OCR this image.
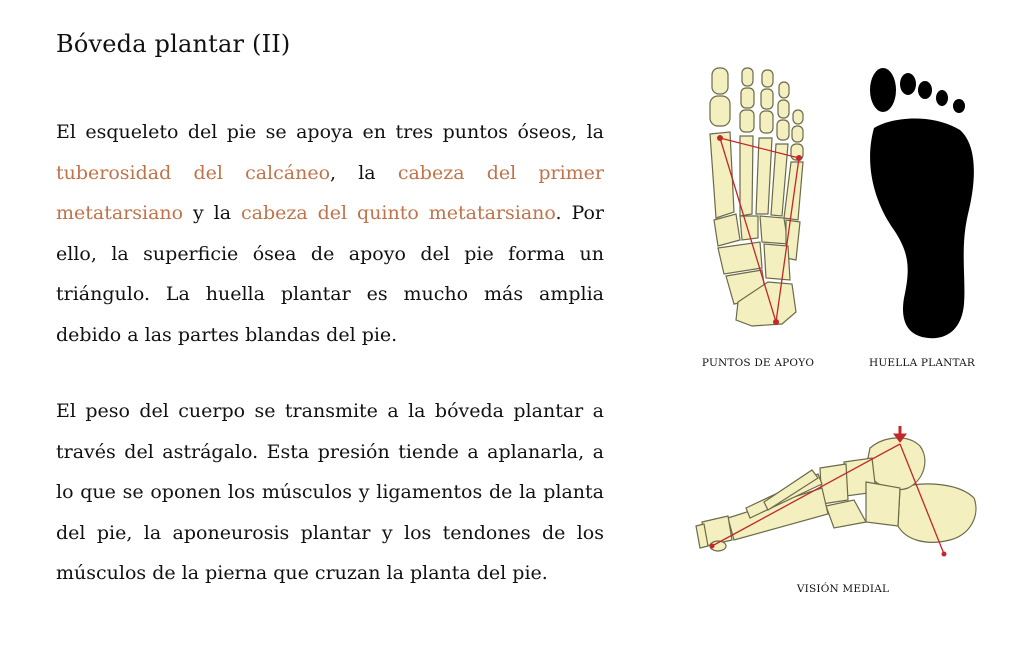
Bóveda plantar (II)

El esqueleto del pie se apoya en tres puntos óseos, la tuberosidad del calcáneo, la cabeza del primer metatarsiano y la cabeza del quinto metatarsiano. Por ello, la superficie ósea de apoyo del pie forma un triángulo. La huella plantar es mucho más amplia debido a las partes blandas del pie.

El peso del cuerpo se transmite a la bóveda plantar a través del astrágalo. Esta presión tiende a aplanarla, a lo que se oponen los músculos y ligamentos de la planta del pie, la aponeurosis plantar y los tendones de los músculos de la pierna que cruzan la planta del pie.

PUNTOS DE APOYO	HUELLA PLANTAR
VISIÓN MEDIAL
